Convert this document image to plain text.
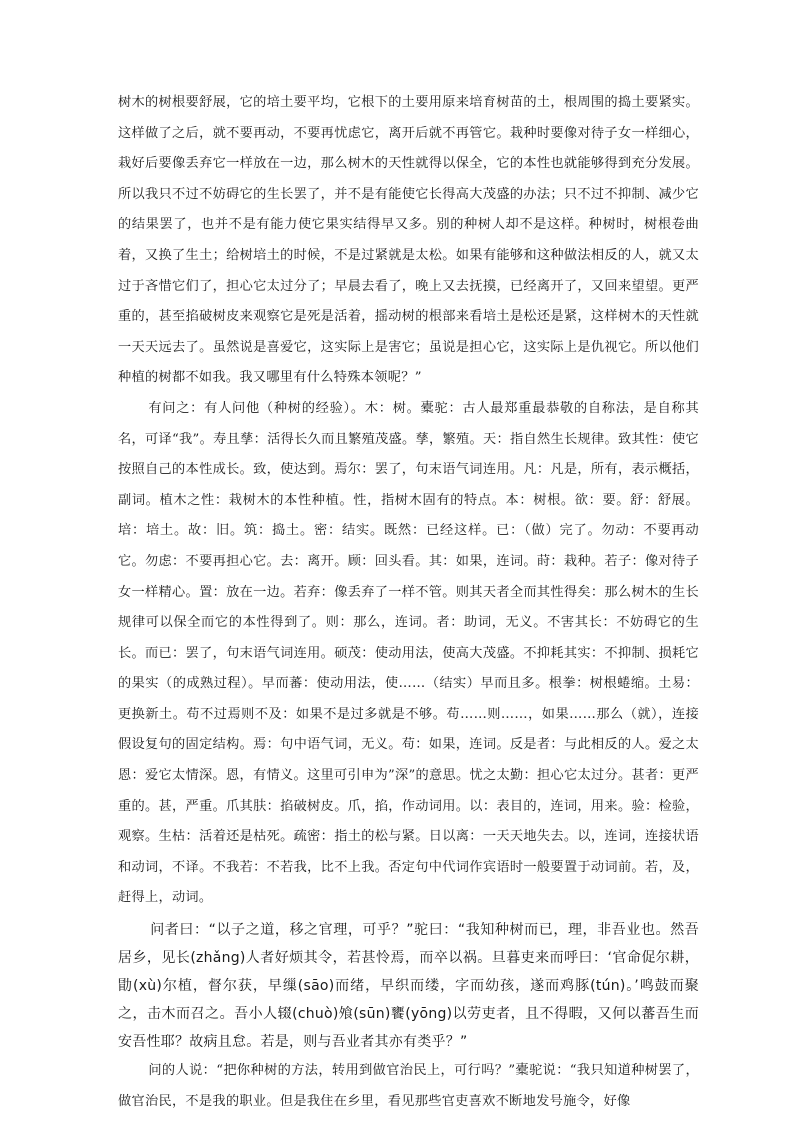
树木的树根要舒展，它的培土要平均，它根下的土要用原来培育树苗的土，根周围的捣土要紧实。这样做了之后，就不要再动，不要再忧虑它，离开后就不再管它。栽种时要像对待子女一样细心，栽好后要像丢弃它一样放在一边，那么树木的天性就得以保全，它的本性也就能够得到充分发展。所以我只不过不妨碍它的生长罢了，并不是有能使它长得高大茂盛的办法；只不过不抑制、减少它的结果罢了，也并不是有能力使它果实结得早又多。别的种树人却不是这样。种树时，树根卷曲着，又换了生土；给树培土的时候，不是过紧就是太松。如果有能够和这种做法相反的人，就又太过于吝惜它们了，担心它太过分了；早晨去看了，晚上又去抚摸，已经离开了，又回来望望。更严重的，甚至掐破树皮来观察它是死是活着，摇动树的根部来看培土是松还是紧，这样树木的天性就一天天远去了。虽然说是喜爱它，这实际上是害它；虽说是担心它，这实际上是仇视它。所以他们种植的树都不如我。我又哪里有什么特殊本领呢？”

有问之：有人问他（种树的经验）。木：树。橐驼：古人最郑重最恭敬的自称法，是自称其名，可译“我”。寿且孳：活得长久而且繁殖茂盛。孳，繁殖。天：指自然生长规律。致其性：使它按照自己的本性成长。致，使达到。焉尔：罢了，句末语气词连用。凡：凡是，所有，表示概括，副词。植木之性：栽树木的本性种植。性，指树木固有的特点。本：树根。欲：要。舒：舒展。培：培土。故：旧。筑：捣土。密：结实。既然：已经这样。已：（做）完了。勿动：不要再动它。勿虑：不要再担心它。去：离开。顾：回头看。其：如果，连词。莳：栽种。若子：像对待子女一样精心。置：放在一边。若弃：像丢弃了一样不管。则其天者全而其性得矣：那么树木的生长规律可以保全而它的本性得到了。则：那么，连词。者：助词，无义。不害其长：不妨碍它的生长。而已：罢了，句末语气词连用。硕茂：使动用法，使高大茂盛。不抑耗其实：不抑制、损耗它的果实（的成熟过程）。早而蕃：使动用法，使……（结实）早而且多。根拳：树根蜷缩。土易：更换新土。苟不过焉则不及：如果不是过多就是不够。苟……则……，如果……那么（就），连接假设复句的固定结构。焉：句中语气词，无义。苟：如果，连词。反是者：与此相反的人。爱之太恩：爱它太情深。恩，有情义。这里可引申为”深”的意思。忧之太勤：担心它太过分。甚者：更严重的。甚，严重。爪其肤：掐破树皮。爪，掐，作动词用。以：表目的，连词，用来。验：检验，观察。生枯：活着还是枯死。疏密：指土的松与紧。日以离：一天天地失去。以，连词，连接状语和动词，不译。不我若：不若我，比不上我。否定句中代词作宾语时一般要置于动词前。若，及，赶得上，动词。

问者曰：“以子之道，移之官理，可乎？”驼曰：“我知种树而已，理，非吾业也。然吾居乡，见长(zhǎng)人者好烦其令，若甚怜焉，而卒以祸。旦暮吏来而呼曰：‘官命促尔耕，勖(xù)尔植，督尔获，早缫(sāo)而绪，早织而缕，字而幼孩，遂而鸡豚(tún)。’鸣鼓而聚之，击木而召之。吾小人辍(chuò)飧(sūn)饔(yōng)以劳吏者，且不得暇，又何以蕃吾生而安吾性耶？故病且怠。若是，则与吾业者其亦有类乎？”

问的人说：“把你种树的方法，转用到做官治民上，可行吗？”橐驼说：“我只知道种树罢了，做官治民，不是我的职业。但是我住在乡里，看见那些官吏喜欢不断地发号施令，好像
